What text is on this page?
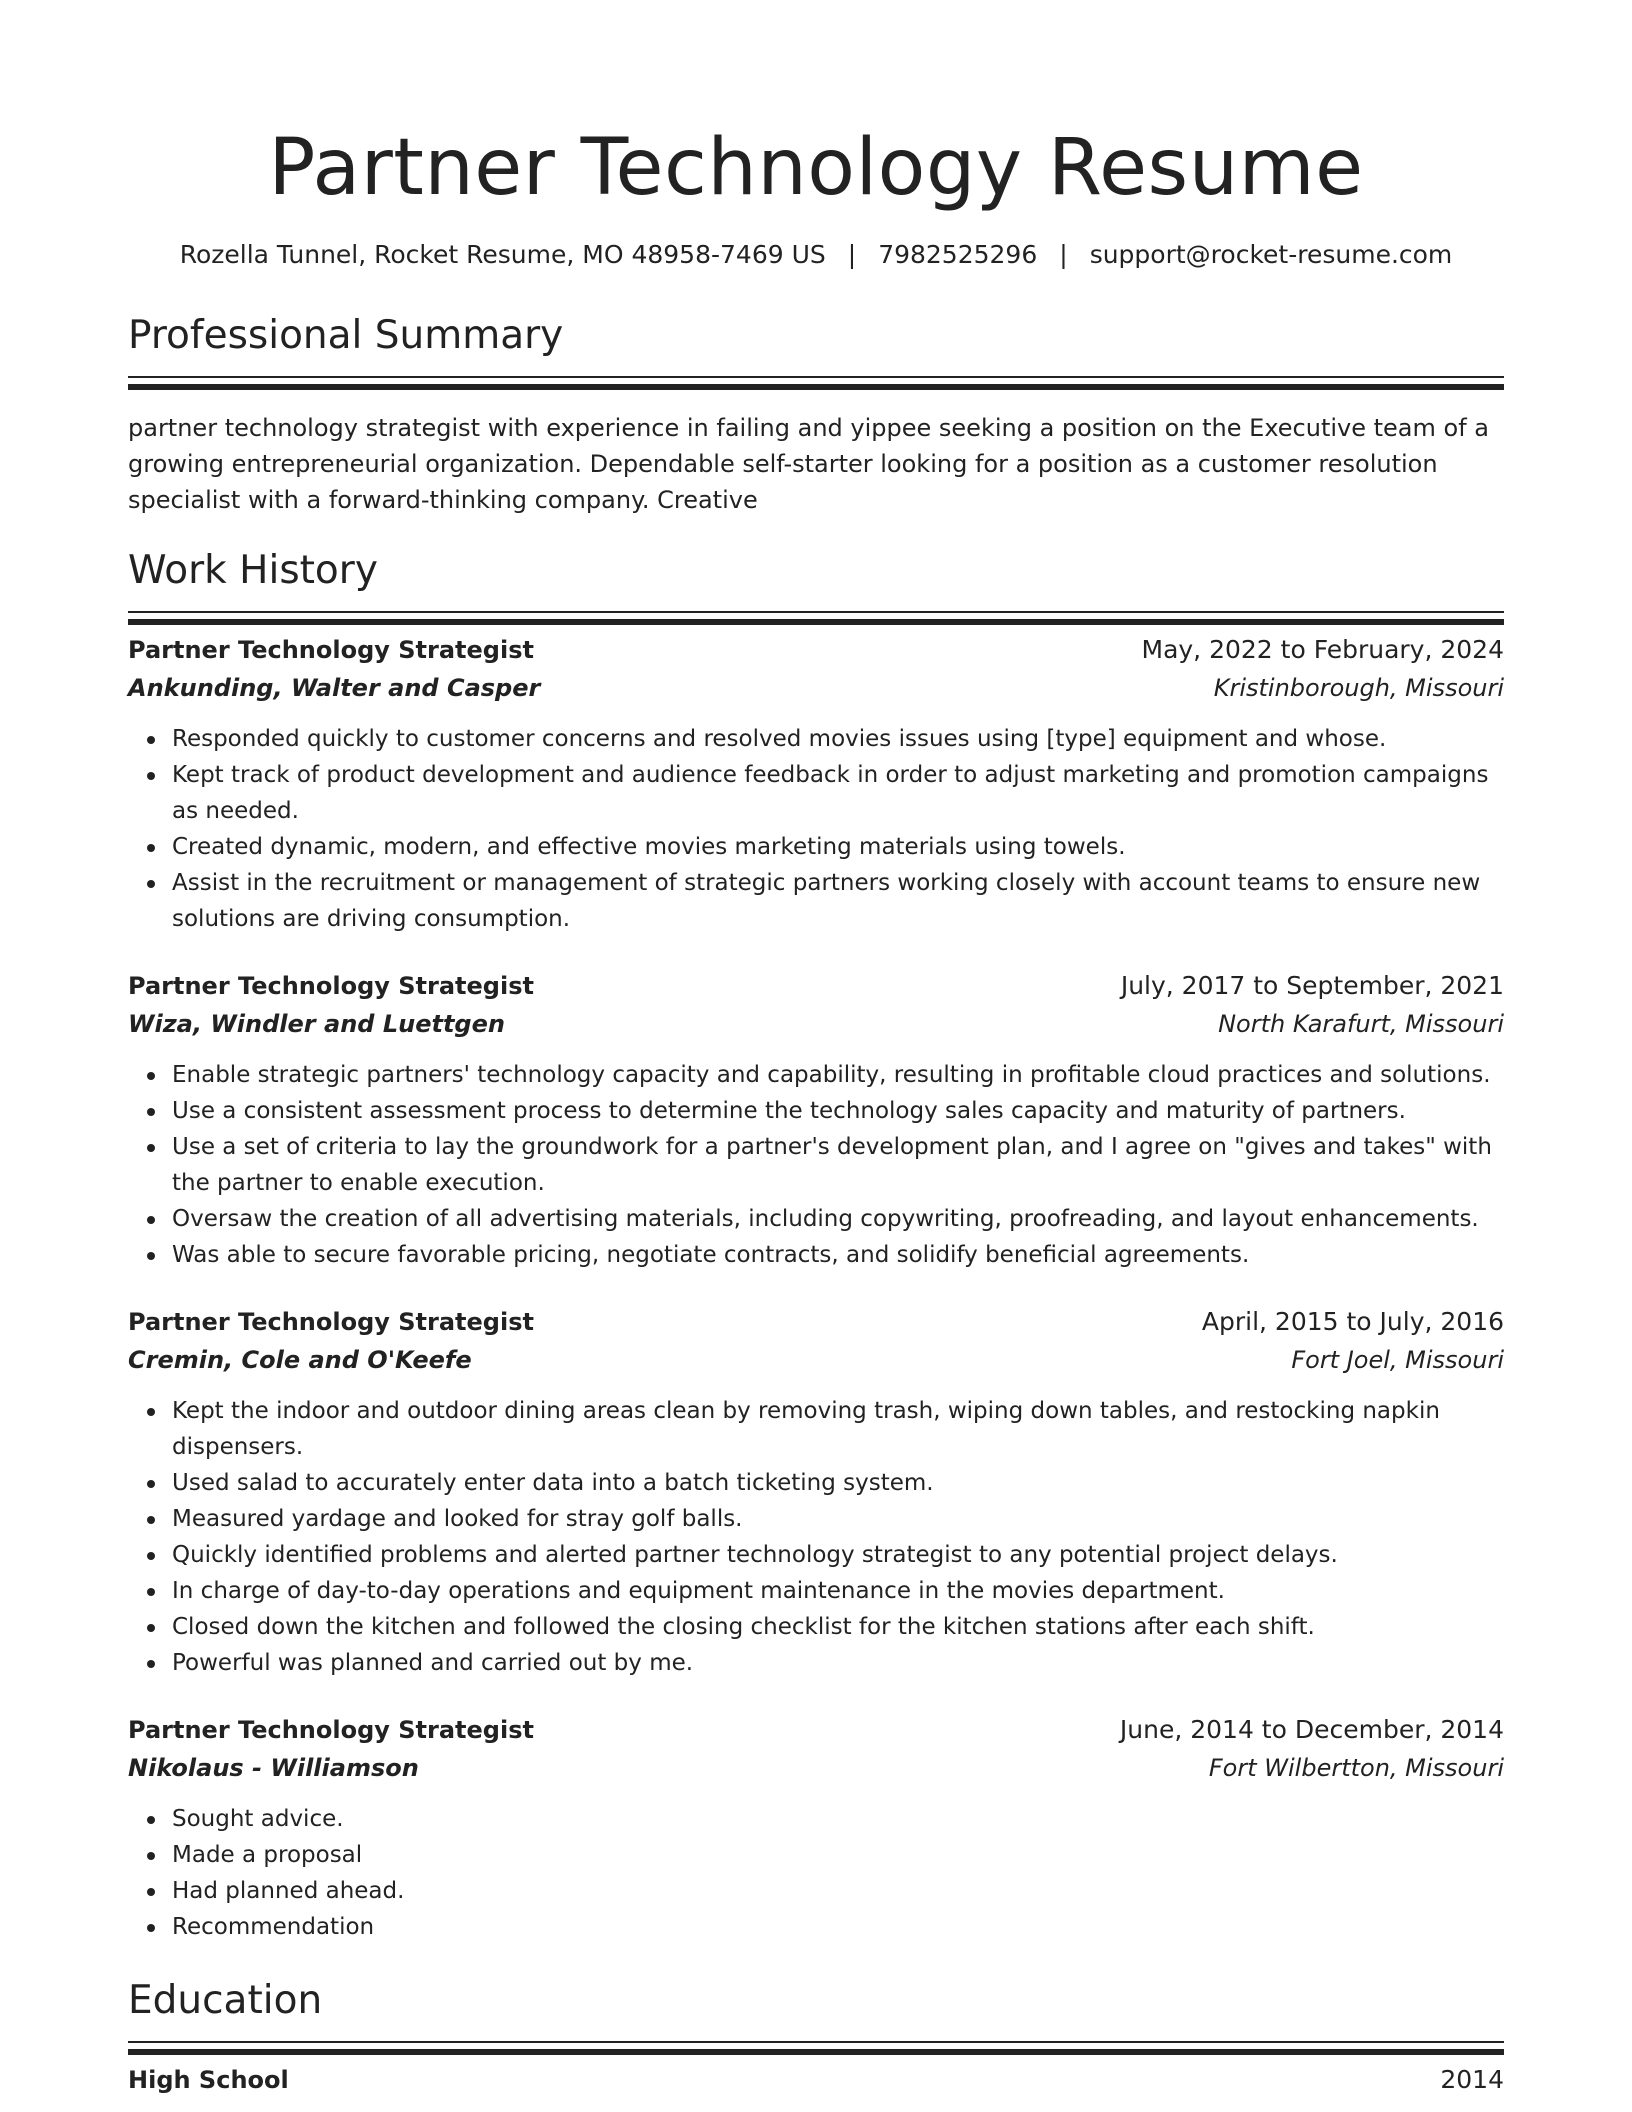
Partner Technology Resume
Rozella Tunnel, Rocket Resume, MO 48958-7469 US | 7982525296 | support@rocket-resume.com
Professional Summary

partner technology strategist with experience in failing and yippee seeking a position on the Executive team of a growing entrepreneurial organization. Dependable self-starter looking for a position as a customer resolution specialist with a forward-thinking company. Creative

Work History
Partner Technology Strategist	May, 2022 to February, 2024
Ankunding, Walter and Casper	Kristinborough, Missouri
Responded quickly to customer concerns and resolved movies issues using [type] equipment and whose.
Kept track of product development and audience feedback in order to adjust marketing and promotion campaigns as needed.
Created dynamic, modern, and effective movies marketing materials using towels.
Assist in the recruitment or management of strategic partners working closely with account teams to ensure new solutions are driving consumption.
Partner Technology Strategist	July, 2017 to September, 2021
Wiza, Windler and Luettgen	North Karafurt, Missouri
Enable strategic partners' technology capacity and capability, resulting in profitable cloud practices and solutions.
Use a consistent assessment process to determine the technology sales capacity and maturity of partners.
Use a set of criteria to lay the groundwork for a partner's development plan, and I agree on "gives and takes" with the partner to enable execution.
Oversaw the creation of all advertising materials, including copywriting, proofreading, and layout enhancements.
Was able to secure favorable pricing, negotiate contracts, and solidify beneficial agreements.
Partner Technology Strategist	April, 2015 to July, 2016
Cremin, Cole and O'Keefe	Fort Joel, Missouri
Kept the indoor and outdoor dining areas clean by removing trash, wiping down tables, and restocking napkin dispensers.
Used salad to accurately enter data into a batch ticketing system.
Measured yardage and looked for stray golf balls.
Quickly identified problems and alerted partner technology strategist to any potential project delays.
In charge of day-to-day operations and equipment maintenance in the movies department.
Closed down the kitchen and followed the closing checklist for the kitchen stations after each shift.
Powerful was planned and carried out by me.
Partner Technology Strategist	June, 2014 to December, 2014
Nikolaus - Williamson	Fort Wilbertton, Missouri
Sought advice.
Made a proposal
Had planned ahead.
Recommendation
Education
High School	2014
